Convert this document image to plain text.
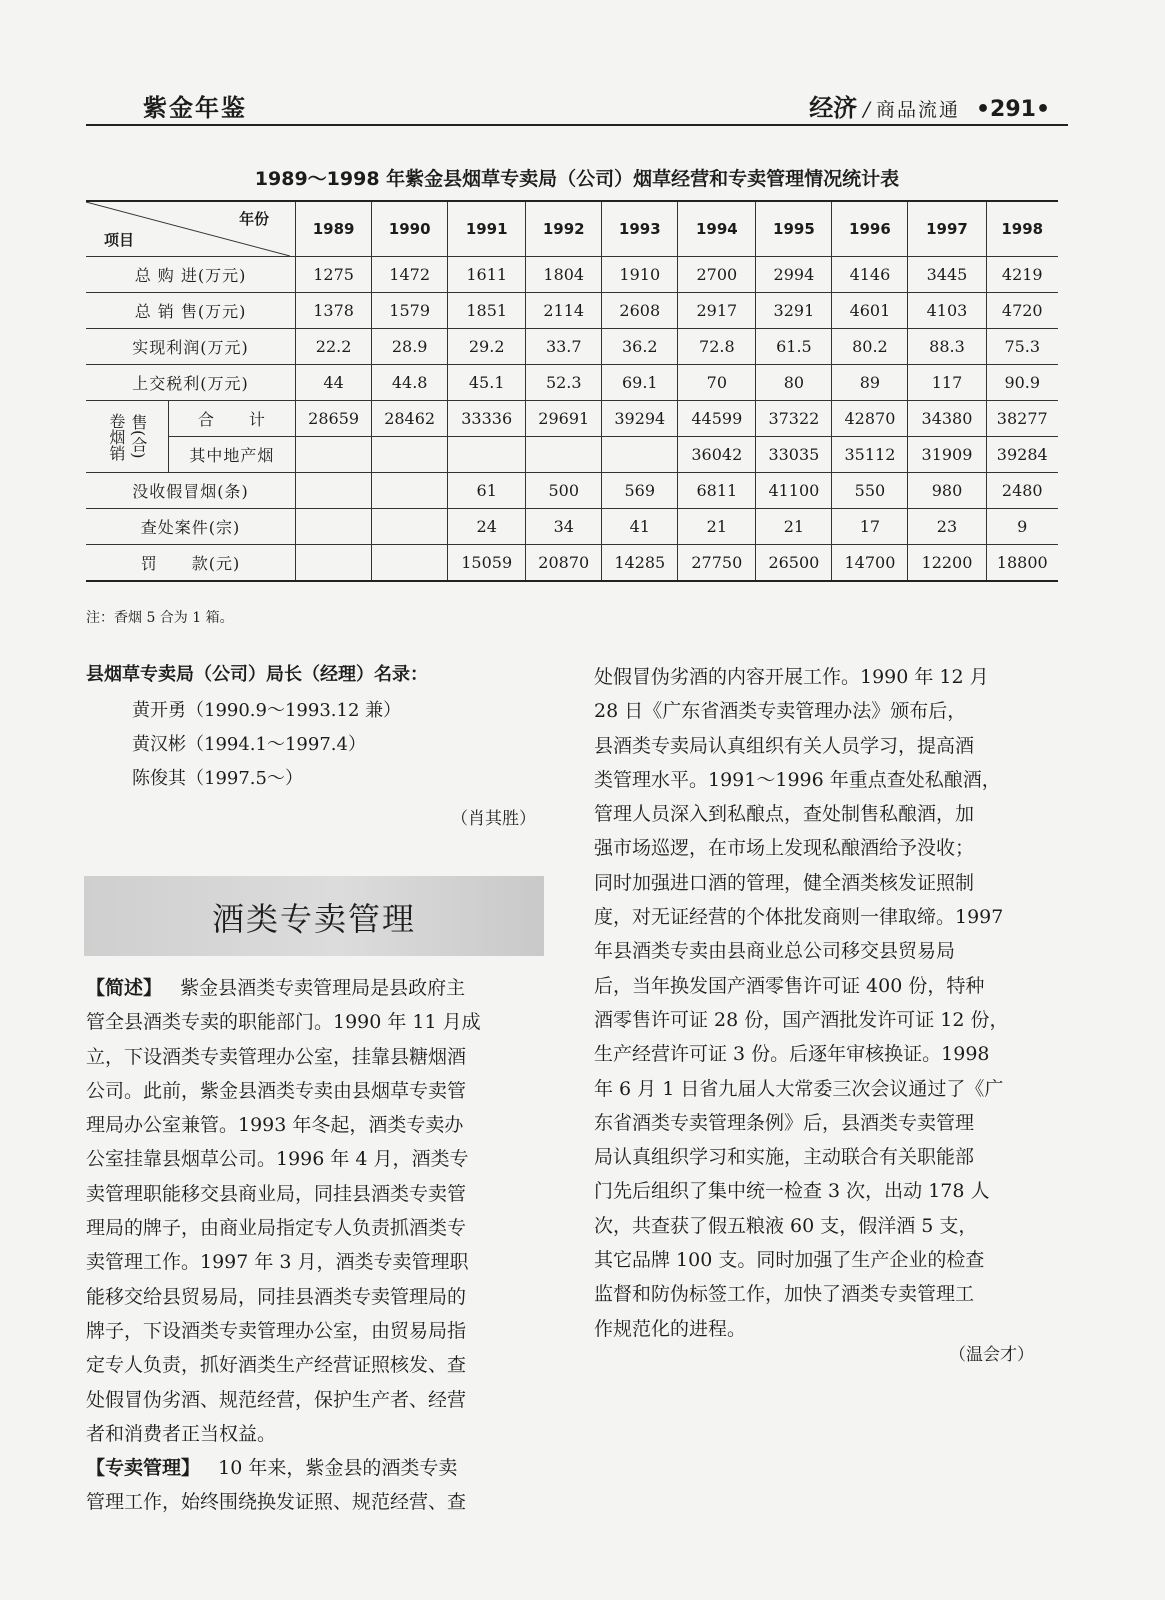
紫金年鉴	经济 / 商品流通 •291•
1989～1998 年紫金县烟草专卖局（公司）烟草经营和专卖管理情况统计表
年份
项目		1989	1990	1991	1992	1993	1994	1995	1996	1997	1998
总 购 进(万元)		1275	1472	1611	1804	1910	2700	2994	4146	3445	4219
总 销 售(万元)		1378	1579	1851	2114	2608	2917	3291	4601	4103	4720
实现利润(万元)		22.2	28.9	29.2	33.7	36.2	72.8	61.5	80.2	88.3	75.3
上交税利(万元)		44	44.8	45.1	52.3	69.1	70	80	89	117	90.9

卷烟销 售(合)	合　　计	28659	28462	33336	29691	39294	44599	37322	42870	34380	38277
	其中地产烟						36042	33035	35112	31909	39284
没收假冒烟(条)				61	500	569	6811	41100	550	980	2480
查处案件(宗)				24	34	41	21	21	17	23	9
罚　　款(元)				15059	20870	14285	27750	26500	14700	12200	18800
注：香烟 5 合为 1 箱。
县烟草专卖局（公司）局长（经理）名录：
黄开勇（1990.9～1993.12 兼）
黄汉彬（1994.1～1997.4）
陈俊其（1997.5～）
（肖其胜）
酒类专卖管理
【简述】 紫金县酒类专卖管理局是县政府主
管全县酒类专卖的职能部门。1990 年 11 月成
立，下设酒类专卖管理办公室，挂靠县糖烟酒
公司。此前，紫金县酒类专卖由县烟草专卖管
理局办公室兼管。1993 年冬起，酒类专卖办
公室挂靠县烟草公司。1996 年 4 月，酒类专
卖管理职能移交县商业局，同挂县酒类专卖管
理局的牌子，由商业局指定专人负责抓酒类专
卖管理工作。1997 年 3 月，酒类专卖管理职
能移交给县贸易局，同挂县酒类专卖管理局的
牌子，下设酒类专卖管理办公室，由贸易局指
定专人负责，抓好酒类生产经营证照核发、查
处假冒伪劣酒、规范经营，保护生产者、经营
者和消费者正当权益。
【专卖管理】 10 年来，紫金县的酒类专卖
管理工作，始终围绕换发证照、规范经营、查
处假冒伪劣酒的内容开展工作。1990 年 12 月
28 日《广东省酒类专卖管理办法》颁布后，
县酒类专卖局认真组织有关人员学习，提高酒
类管理水平。1991～1996 年重点查处私酿酒，
管理人员深入到私酿点，查处制售私酿酒，加
强市场巡逻，在市场上发现私酿酒给予没收；
同时加强进口酒的管理，健全酒类核发证照制
度，对无证经营的个体批发商则一律取缔。1997
年县酒类专卖由县商业总公司移交县贸易局
后，当年换发国产酒零售许可证 400 份，特种
酒零售许可证 28 份，国产酒批发许可证 12 份，
生产经营许可证 3 份。后逐年审核换证。1998
年 6 月 1 日省九届人大常委三次会议通过了《广
东省酒类专卖管理条例》后，县酒类专卖管理
局认真组织学习和实施，主动联合有关职能部
门先后组织了集中统一检查 3 次，出动 178 人
次，共查获了假五粮液 60 支，假洋酒 5 支，
其它品牌 100 支。同时加强了生产企业的检查
监督和防伪标签工作，加快了酒类专卖管理工
作规范化的进程。
（温会才）
